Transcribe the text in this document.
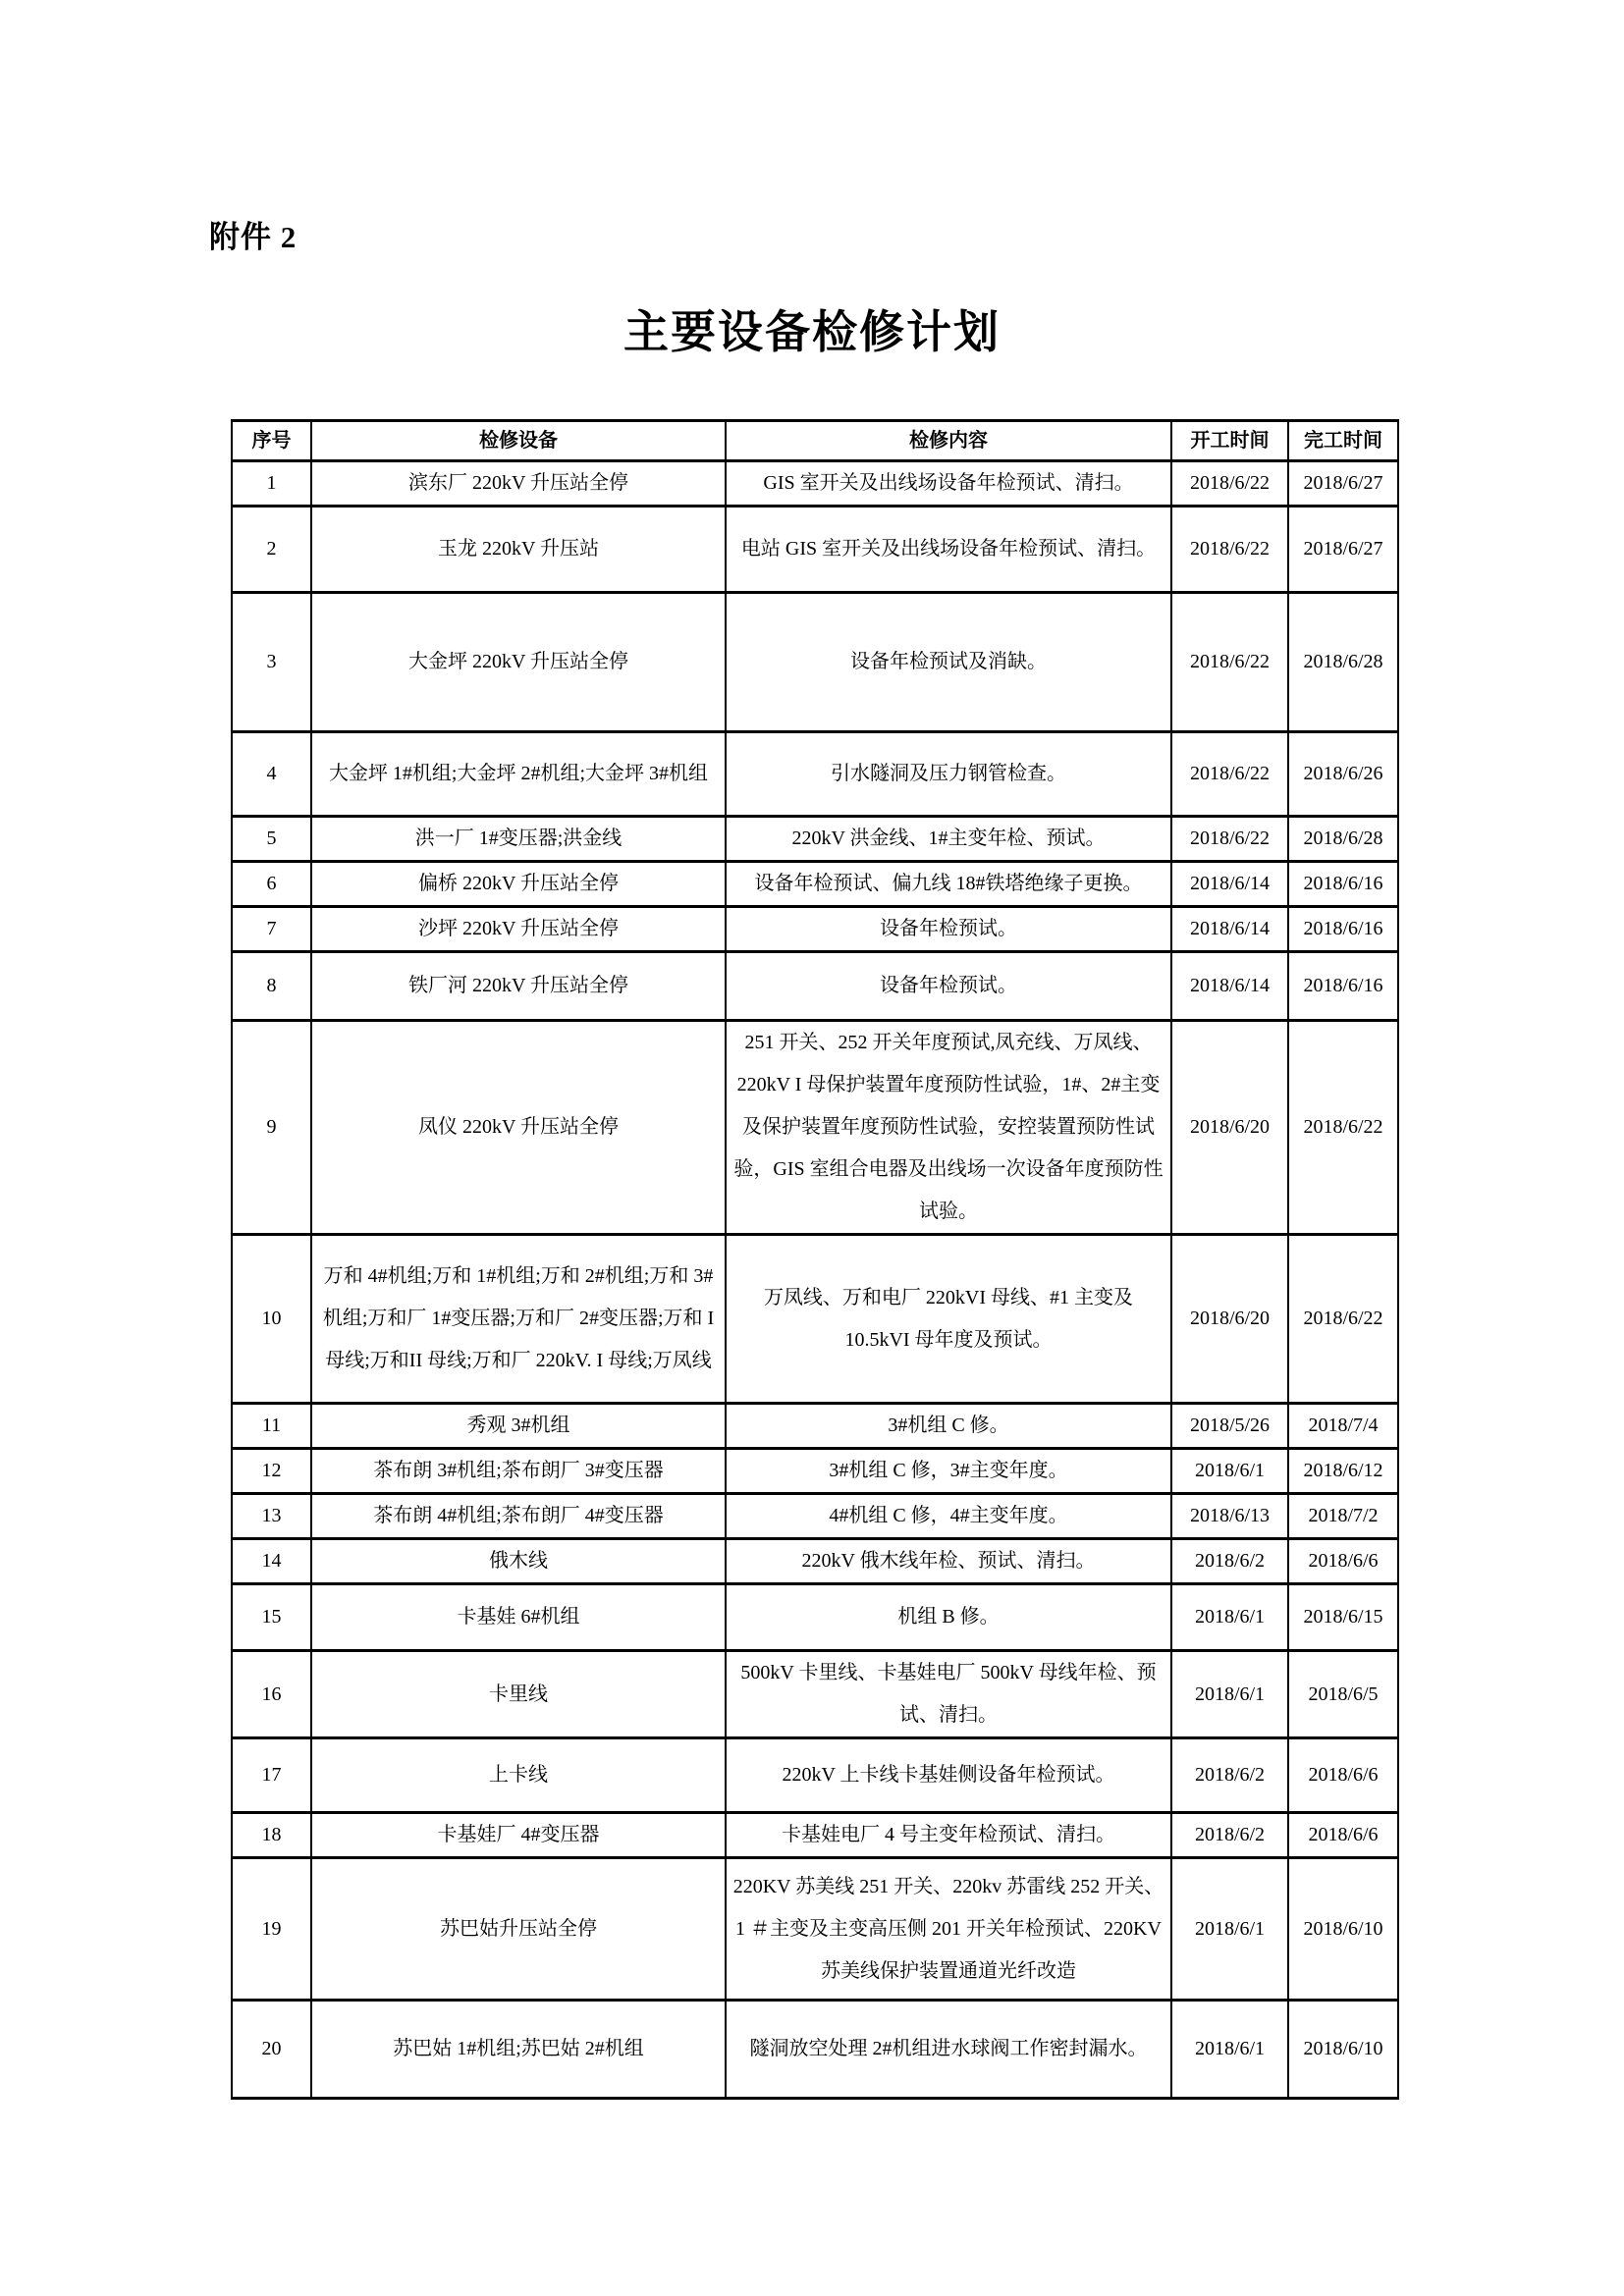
附件 2
主要设备检修计划
序号	检修设备	检修内容	开工时间	完工时间
1	滨东厂 220kV 升压站全停	GIS 室开关及出线场设备年检预试、清扫。	2018/6/22	2018/6/27
2	玉龙 220kV 升压站	电站 GIS 室开关及出线场设备年检预试、清扫。	2018/6/22	2018/6/27
3	大金坪 220kV 升压站全停	设备年检预试及消缺。	2018/6/22	2018/6/28
4	大金坪 1#机组;大金坪 2#机组;大金坪 3#机组	引水隧洞及压力钢管检查。	2018/6/22	2018/6/26
5	洪一厂 1#变压器;洪金线	220kV 洪金线、1#主变年检、预试。	2018/6/22	2018/6/28
6	偏桥 220kV 升压站全停	设备年检预试、偏九线 18#铁塔绝缘子更换。	2018/6/14	2018/6/16
7	沙坪 220kV 升压站全停	设备年检预试。	2018/6/14	2018/6/16
8	铁厂河 220kV 升压站全停	设备年检预试。	2018/6/14	2018/6/16
9	凤仪 220kV 升压站全停	251 开关、252 开关年度预试,凤充线、万凤线、220kV I 母保护装置年度预防性试验，1#、2#主变及保护装置年度预防性试验，安控装置预防性试验，GIS 室组合电器及出线场一次设备年度预防性试验。	2018/6/20	2018/6/22
10	万和 4#机组;万和 1#机组;万和 2#机组;万和 3#机组;万和厂 1#变压器;万和厂 2#变压器;万和 I 母线;万和II 母线;万和厂 220kV. I 母线;万凤线	万凤线、万和电厂 220kVI 母线、#1 主变及 10.5kVI 母年度及预试。	2018/6/20	2018/6/22
11	秀观 3#机组	3#机组 C 修。	2018/5/26	2018/7/4
12	茶布朗 3#机组;茶布朗厂 3#变压器	3#机组 C 修，3#主变年度。	2018/6/1	2018/6/12
13	茶布朗 4#机组;茶布朗厂 4#变压器	4#机组 C 修，4#主变年度。	2018/6/13	2018/7/2
14	俄木线	220kV 俄木线年检、预试、清扫。	2018/6/2	2018/6/6
15	卡基娃 6#机组	机组 B 修。	2018/6/1	2018/6/15
16	卡里线	500kV 卡里线、卡基娃电厂 500kV 母线年检、预试、清扫。	2018/6/1	2018/6/5
17	上卡线	220kV 上卡线卡基娃侧设备年检预试。	2018/6/2	2018/6/6
18	卡基娃厂 4#变压器	卡基娃电厂 4 号主变年检预试、清扫。	2018/6/2	2018/6/6
19	苏巴姑升压站全停	220KV 苏美线 251 开关、220kv 苏雷线 252 开关、1 ＃主变及主变高压侧 201 开关年检预试、220KV 苏美线保护装置通道光纤改造	2018/6/1	2018/6/10
20	苏巴姑 1#机组;苏巴姑 2#机组	隧洞放空处理 2#机组进水球阀工作密封漏水。	2018/6/1	2018/6/10
